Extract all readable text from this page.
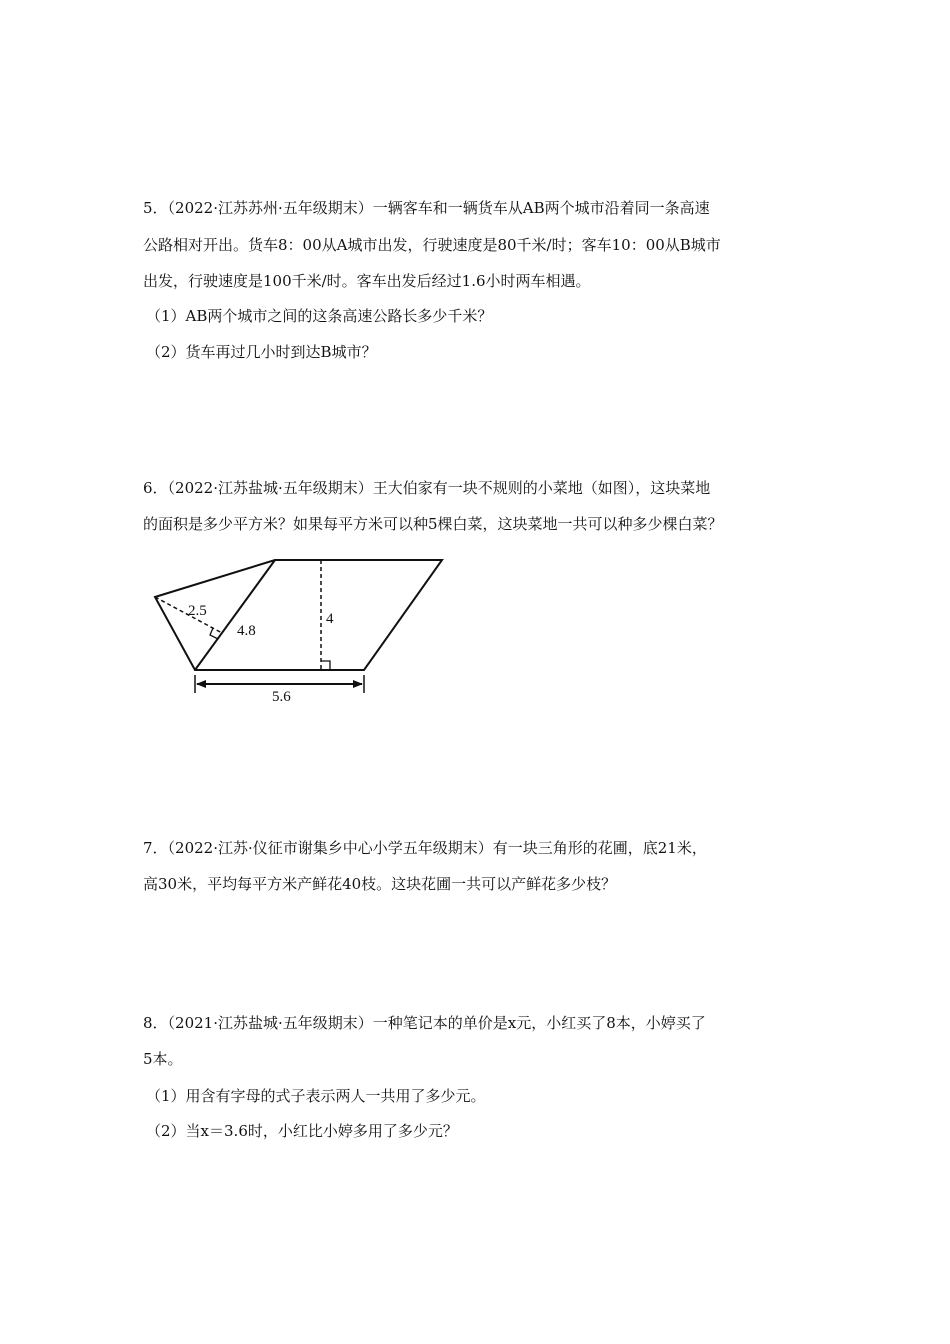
5．（2022·江苏苏州·五年级期末）一辆客车和一辆货车从AB两个城市沿着同一条高速
公路相对开出。货车8：00从A城市出发，行驶速度是80千米/时；客车10：00从B城市
出发，行驶速度是100千米/时。客车出发后经过1.6小时两车相遇。
（1）AB两个城市之间的这条高速公路长多少千米？
（2）货车再过几小时到达B城市？
6．（2022·江苏盐城·五年级期末）王大伯家有一块不规则的小菜地（如图），这块菜地
的面积是多少平方米？如果每平方米可以种5棵白菜，这块菜地一共可以种多少棵白菜？
2.5
4.8
4
5.6
7．（2022·江苏·仪征市谢集乡中心小学五年级期末）有一块三角形的花圃，底21米，
高30米，平均每平方米产鲜花40枝。这块花圃一共可以产鲜花多少枝？
8．（2021·江苏盐城·五年级期末）一种笔记本的单价是x元，小红买了8本，小婷买了
5本。
（1）用含有字母的式子表示两人一共用了多少元。
（2）当x＝3.6时，小红比小婷多用了多少元？
